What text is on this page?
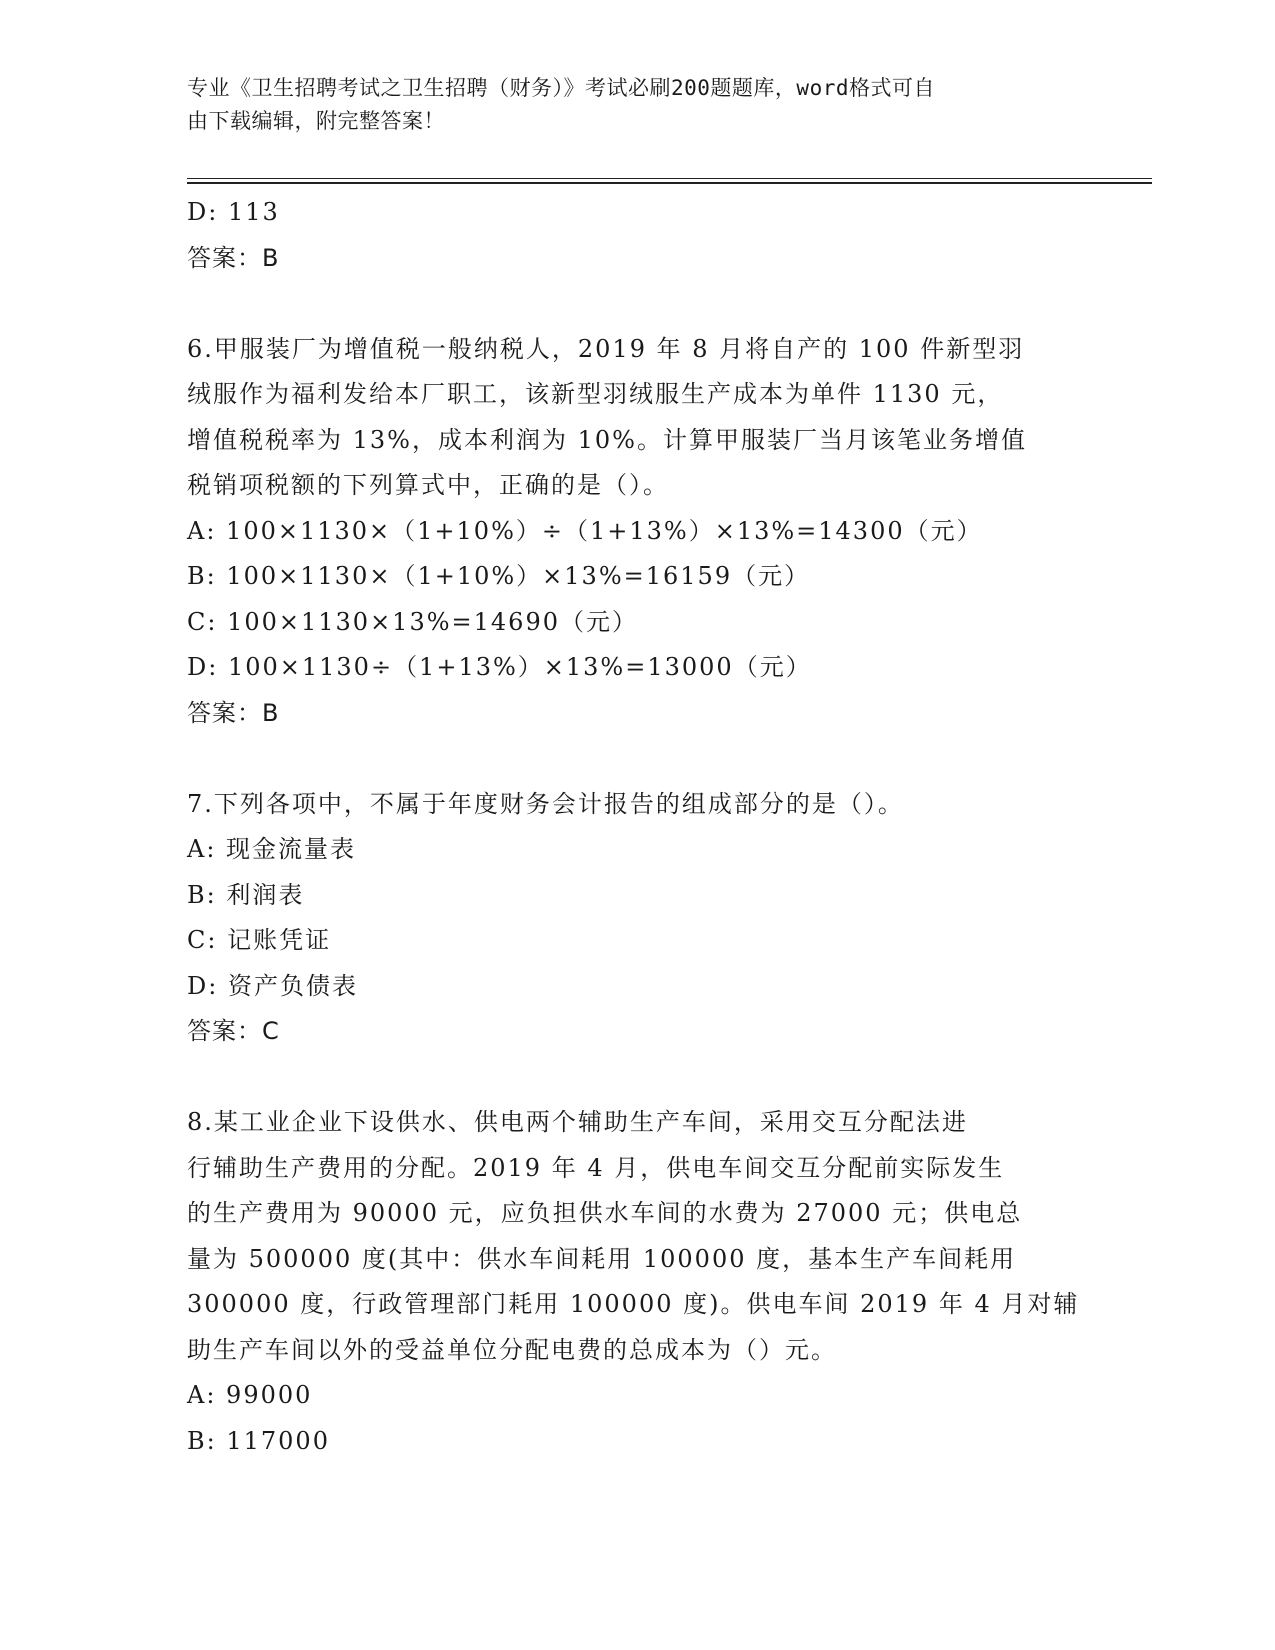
专业《卫生招聘考试之卫生招聘（财务）》考试必刷200题题库，word格式可自
由下载编辑，附完整答案！
D: 113
答案：B
6.甲服装厂为增值税一般纳税人，2019 年 8 月将自产的 100 件新型羽
绒服作为福利发给本厂职工，该新型羽绒服生产成本为单件 1130 元，
增值税税率为 13%，成本利润为 10%。计算甲服装厂当月该笔业务增值
税销项税额的下列算式中，正确的是（）。
A: 100×1130×（1+10%）÷（1+13%）×13%=14300（元）
B: 100×1130×（1+10%）×13%=16159（元）
C: 100×1130×13%=14690（元）
D: 100×1130÷（1+13%）×13%=13000（元）
答案：B
7.下列各项中，不属于年度财务会计报告的组成部分的是（）。
A: 现金流量表
B: 利润表
C: 记账凭证
D: 资产负债表
答案：C
8.某工业企业下设供水、供电两个辅助生产车间，采用交互分配法进
行辅助生产费用的分配。2019 年 4 月，供电车间交互分配前实际发生
的生产费用为 90000 元，应负担供水车间的水费为 27000 元；供电总
量为 500000 度(其中：供水车间耗用 100000 度，基本生产车间耗用
300000 度，行政管理部门耗用 100000 度)。供电车间 2019 年 4 月对辅
助生产车间以外的受益单位分配电费的总成本为（）元。
A: 99000
B: 117000
